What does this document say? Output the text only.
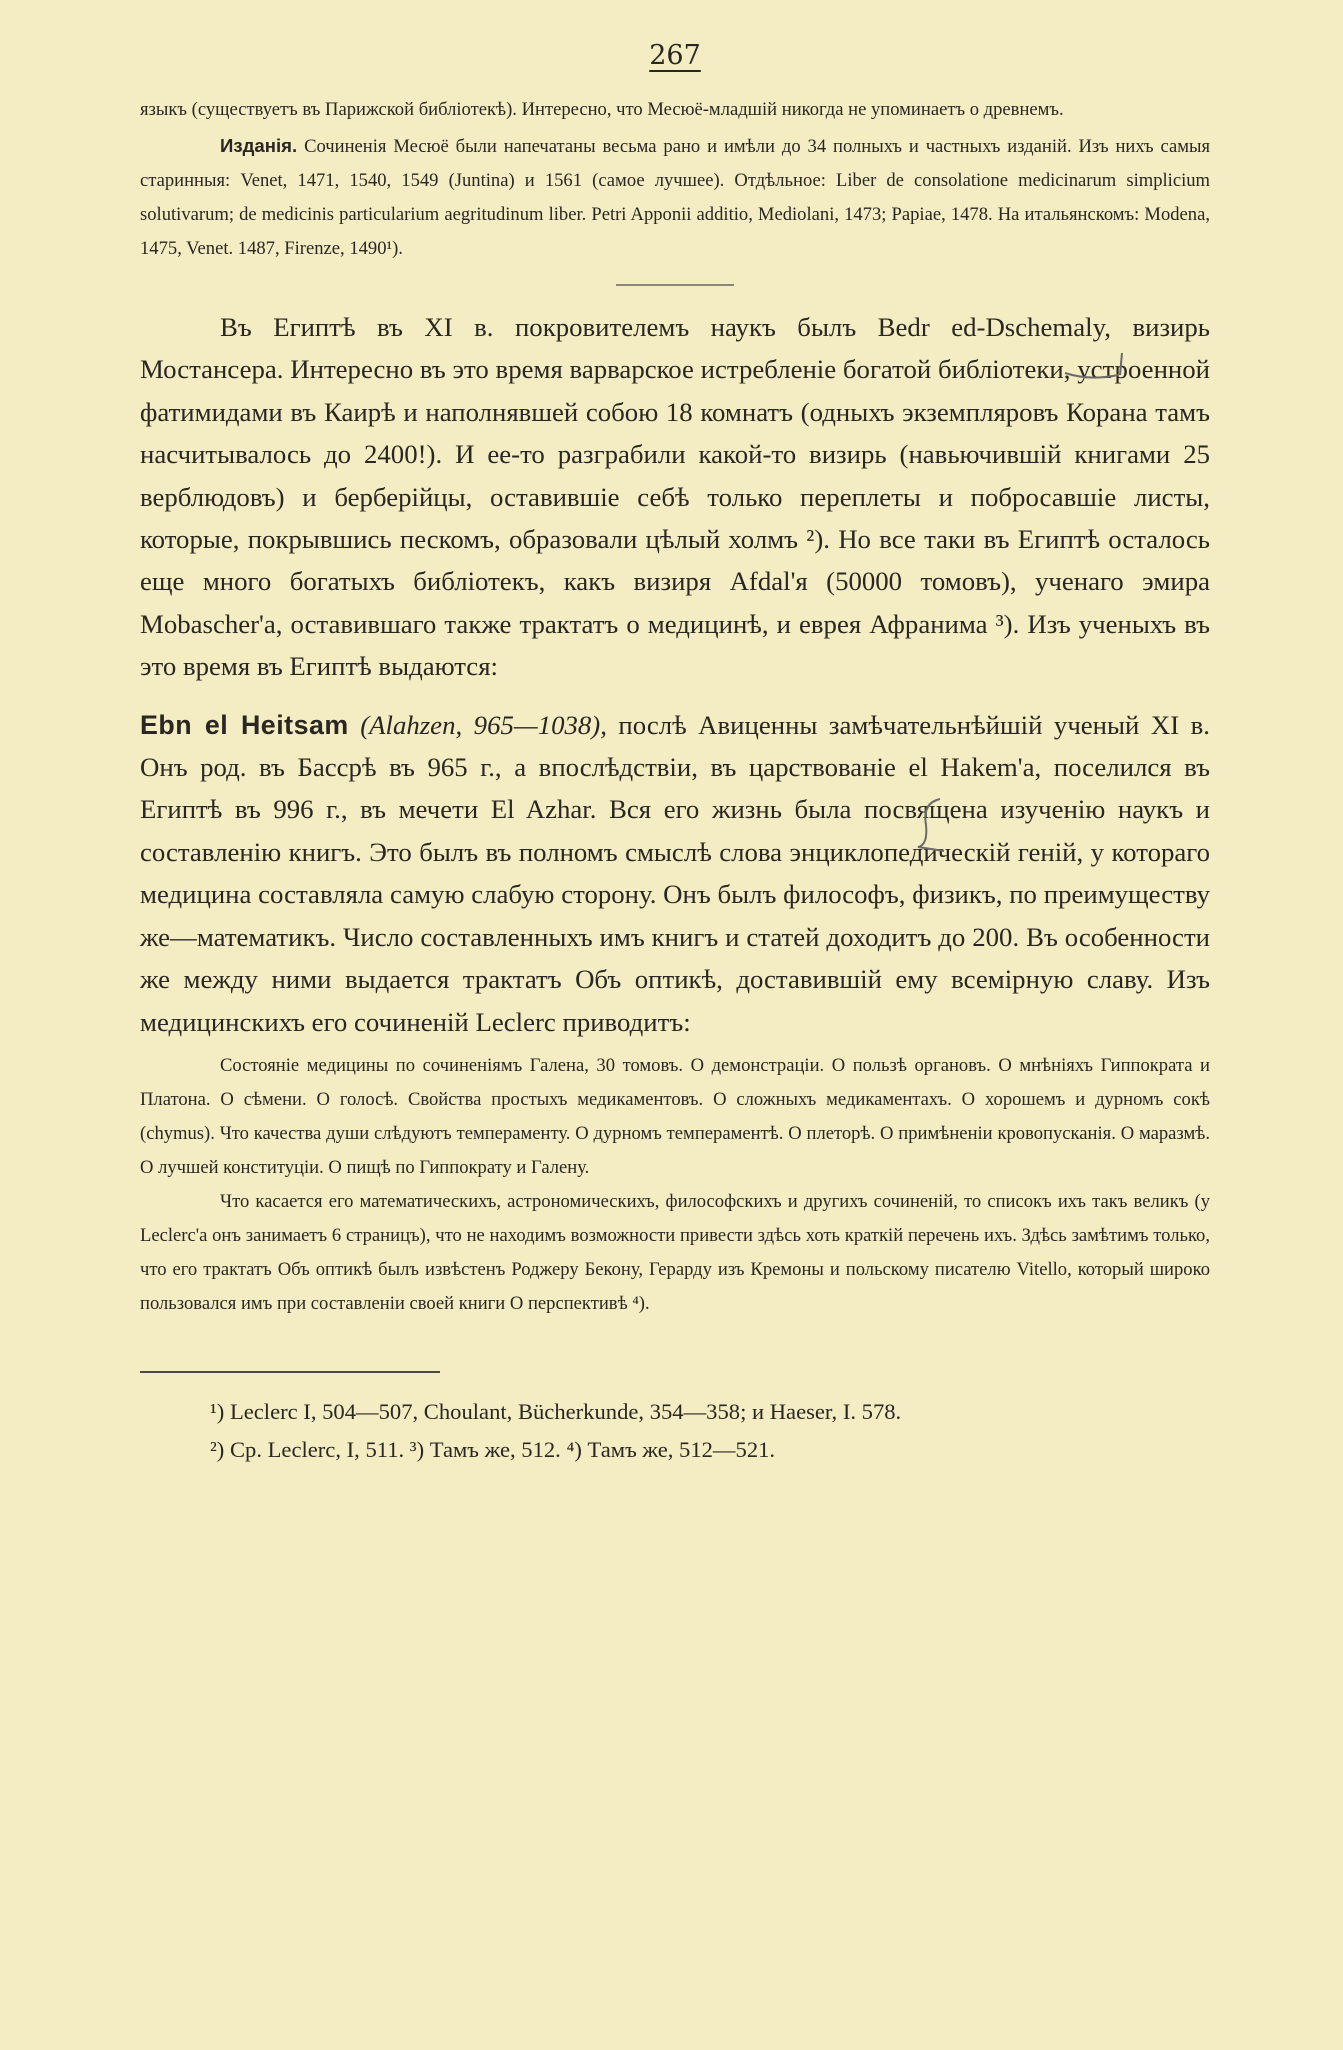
267

языкъ (существуетъ въ Парижской библіотекѣ). Интересно, что Месюё-младшій никогда не упоминаетъ о древнемъ.

Изданія. Сочиненія Месюё были напечатаны весьма рано и имѣли до 34 полныхъ и частныхъ изданій. Изъ нихъ самыя старинныя: Venet, 1471, 1540, 1549 (Juntina) и 1561 (самое лучшее). Отдѣльное: Liber de consolatione medicinarum simplicium solutivarum; de medicinis particularium aegritudinum liber. Petri Apponii additio, Mediolani, 1473; Papiae, 1478. На итальянскомъ: Modena, 1475, Venet. 1487, Firenze, 1490¹).

Въ Египтѣ въ XI в. покровителемъ наукъ былъ Bedr ed-Dschemaly, визирь Мостансера. Интересно въ это время варварское истребленіе богатой библіотеки, устроенной фатимидами въ Каирѣ и наполнявшей собою 18 комнатъ (одныхъ экземпляровъ Корана тамъ насчитывалось до 2400!). И ее-то разграбили какой-то визирь (навьючившій книгами 25 верблюдовъ) и берберійцы, оставившіе себѣ только переплеты и побросавшіе листы, которые, покрывшись пескомъ, образовали цѣлый холмъ ²). Но все таки въ Египтѣ осталось еще много богатыхъ библіотекъ, какъ визиря Afdal'я (50000 томовъ), ученаго эмира Mobascher'а, оставившаго также трактатъ о медицинѣ, и еврея Афранима ³). Изъ ученыхъ въ это время въ Египтѣ выдаются:

Ebn el Heitsam (Alahzen, 965—1038), послѣ Авиценны замѣчательнѣйшій ученый XI в. Онъ род. въ Бассрѣ въ 965 г., а впослѣдствіи, въ царствованіе el Hakem'а, поселился въ Египтѣ въ 996 г., въ мечети El Azhar. Вся его жизнь была посвящена изученію наукъ и составленію книгъ. Это былъ въ полномъ смыслѣ слова энциклопедическій геній, у котораго медицина составляла самую слабую сторону. Онъ былъ философъ, физикъ, по преимуществу же—математикъ. Число составленныхъ имъ книгъ и статей доходитъ до 200. Въ особенности же между ними выдается трактатъ Объ оптикѣ, доставившій ему всемірную славу. Изъ медицинскихъ его сочиненій Leclerc приводитъ:

Состояніе медицины по сочиненіямъ Галена, 30 томовъ. О демонстраціи. О пользѣ органовъ. О мнѣніяхъ Гиппократа и Платона. О сѣмени. О голосѣ. Свойства простыхъ медикаментовъ. О сложныхъ медикаментахъ. О хорошемъ и дурномъ сокѣ (chymus). Что качества души слѣдуютъ темпераменту. О дурномъ темпераментѣ. О плеторѣ. О примѣненіи кровопусканія. О маразмѣ. О лучшей конституціи. О пищѣ по Гиппократу и Галену.

Что касается его математическихъ, астрономическихъ, философскихъ и другихъ сочиненій, то списокъ ихъ такъ великъ (у Leclerc'а онъ занимаетъ 6 страницъ), что не находимъ возможности привести здѣсь хоть краткій перечень ихъ. Здѣсь замѣтимъ только, что его трактатъ Объ оптикѣ былъ извѣстенъ Роджеру Бекону, Герарду изъ Кремоны и польскому писателю Vitello, который широко пользовался имъ при составленіи своей книги О перспективѣ ⁴).

¹) Leclerc I, 504—507, Choulant, Bücherkunde, 354—358; и Haeser, I. 578.
²) Ср. Leclerc, I, 511. ³) Тамъ же, 512. ⁴) Тамъ же, 512—521.
